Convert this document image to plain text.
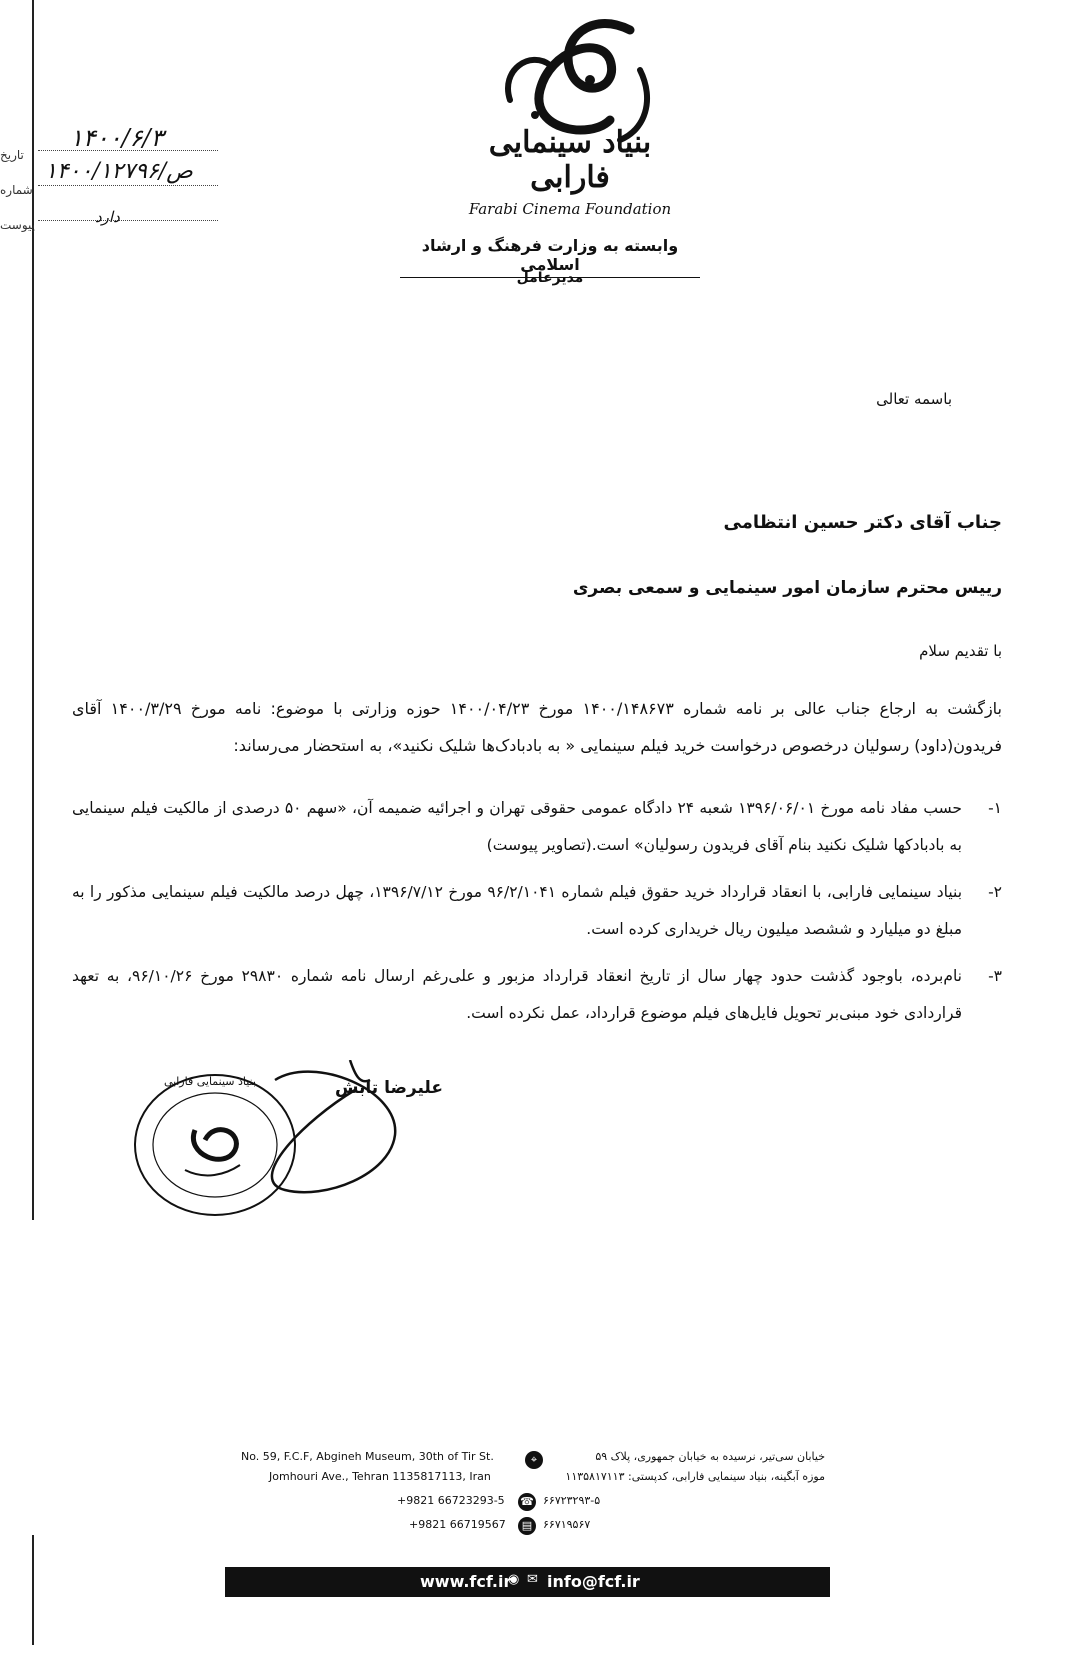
تاریخ
۱۴۰۰/۶/۳
شماره
۱۴۰۰/ص/۱۲۷۹۶
پیوست	دارد
بنیاد سینمایی فارابی
Farabi Cinema Foundation
وابسته به وزارت فرهنگ و ارشاد اسلامی
مدیرعامل
باسمه تعالی
جناب آقای دکتر حسین انتظامی
رییس محترم سازمان امور سینمایی و سمعی بصری
با تقدیم سلام
بازگشت به ارجاع جناب عالی بر نامه شماره ۱۴۰۰/۱۴۸۶۷۳ مورخ ۱۴۰۰/۰۴/۲۳ حوزه وزارتی با موضوع: نامه مورخ ۱۴۰۰/۳/۲۹ آقای فریدون(داود) رسولیان درخصوص درخواست خرید فیلم سینمایی « به بادبادک‌ها شلیک نکنید»، به استحضار می‌رساند:
۱-
حسب مفاد نامه مورخ ۱۳۹۶/۰۶/۰۱ شعبه ۲۴ دادگاه عمومی حقوقی تهران و اجرائیه ضمیمه آن، «سهم ۵۰ درصدی از مالکیت فیلم سینمایی به بادبادکها شلیک نکنید بنام آقای فریدون رسولیان» است.(تصاویر پیوست)
۲-
بنیاد سینمایی فارابی، با انعقاد قرارداد خرید حقوق فیلم شماره ۹۶/۲/۱۰۴۱ مورخ ۱۳۹۶/۷/۱۲، چهل درصد مالکیت فیلم سینمایی مذکور را به مبلغ دو میلیارد و ششصد میلیون ریال خریداری کرده است.
۳-
نام‌برده، باوجود گذشت حدود چهار سال از تاریخ انعقاد قرارداد مزبور و علی‌رغم ارسال نامه شماره ۲۹۸۳۰ مورخ ۹۶/۱۰/۲۶، به تعهد قراردادی خود مبنی‌بر تحویل فایل‌های فیلم موضوع قرارداد، عمل نکرده است.
بنیاد سینمایی فارابی	علیرضا تابش
No. 59, F.C.F, Abgineh Museum, 30th of Tir St.
Jomhouri Ave., Tehran 1135817113, Iran
⌖	خیابان سی‌تیر، نرسیده به خیابان جمهوری، پلاک ۵۹
موزه آبگینه، بنیاد سینمایی فارابی، کدپستی: ۱۱۳۵۸۱۷۱۱۳
+9821 66723293-5 ☎ ۶۶۷۲۳۲۹۳-۵
+9821 66719567	▤ ۶۶۷۱۹۵۶۷
www.fcf.ir
◉ ✉ info@fcf.ir
